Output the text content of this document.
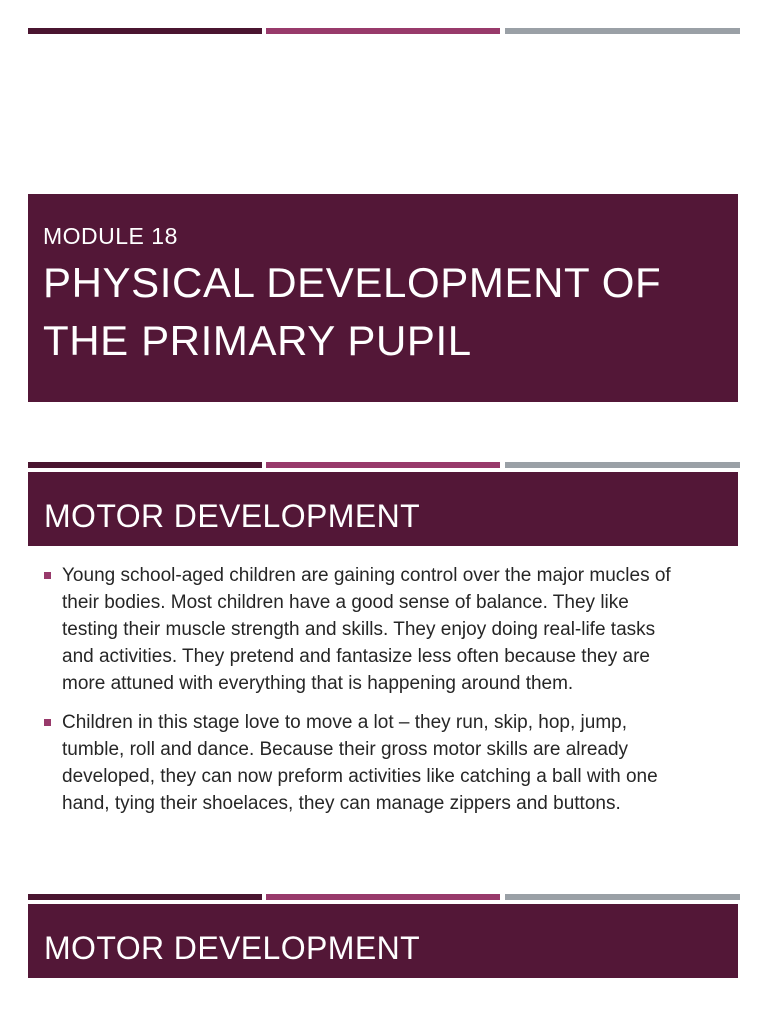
MODULE 18
PHYSICAL DEVELOPMENT OF
THE PRIMARY PUPIL
MOTOR DEVELOPMENT
Young school-aged children are gaining control over the major mucles of
their bodies. Most children have a good sense of balance. They like
testing their muscle strength and skills. They enjoy doing real-life tasks
and activities. They pretend and fantasize less often because they are
more attuned with everything that is happening around them.
Children in this stage love to move a lot – they run, skip, hop, jump,
tumble, roll and dance. Because their gross motor skills are already
developed, they can now preform activities like catching a ball with one
hand, tying their shoelaces, they can manage zippers and buttons.
MOTOR DEVELOPMENT
